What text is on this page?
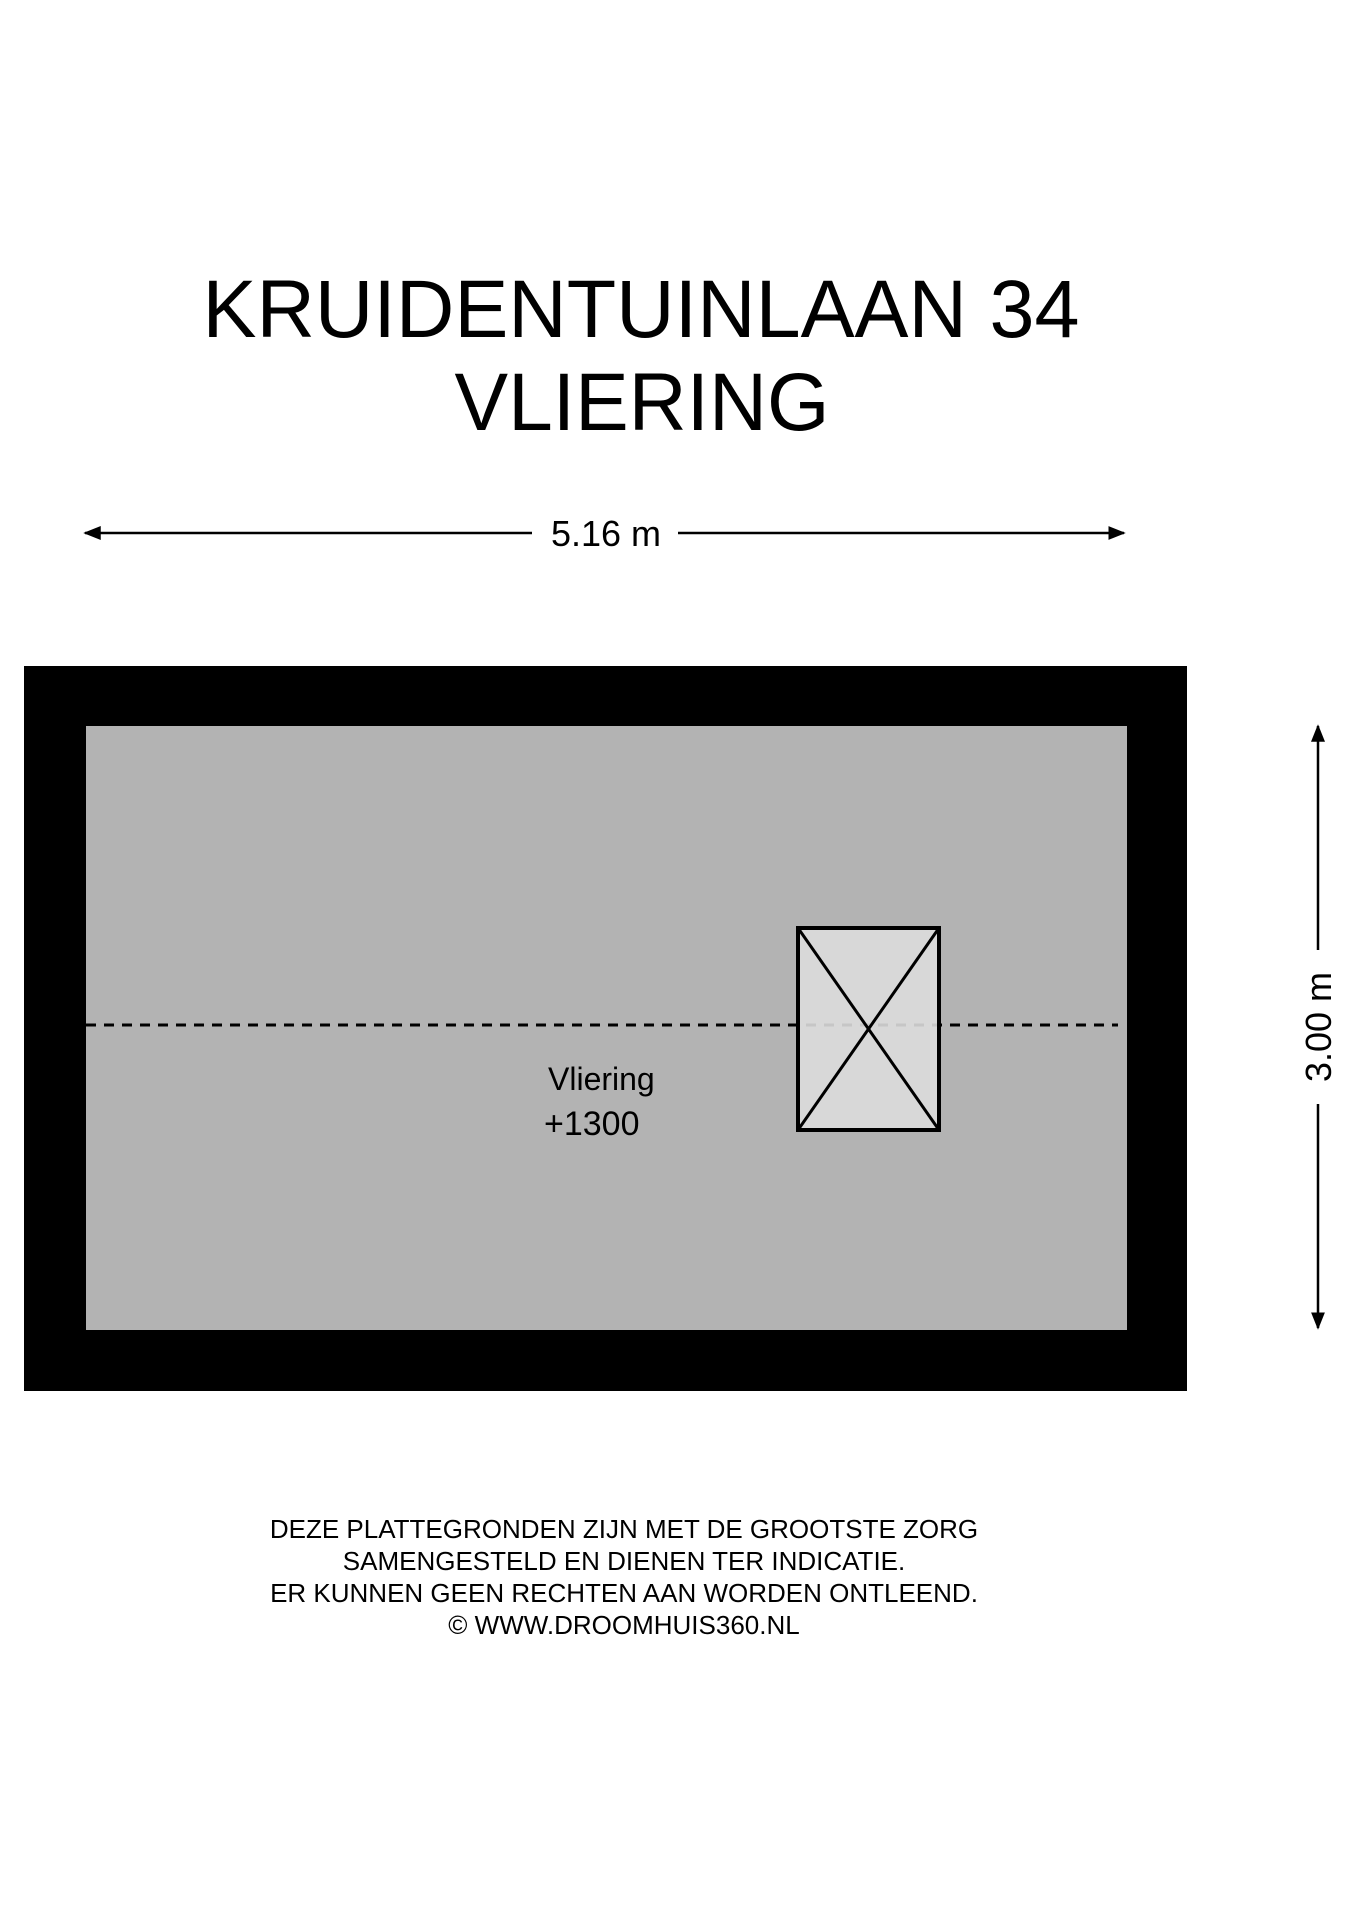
KRUIDENTUINLAAN 34
VLIERING
5.16 m
Vliering
+1300
3.00 m
DEZE PLATTEGRONDEN ZIJN MET DE GROOTSTE ZORG
SAMENGESTELD EN DIENEN TER INDICATIE.
ER KUNNEN GEEN RECHTEN AAN WORDEN ONTLEEND.
© WWW.DROOMHUIS360.NL
